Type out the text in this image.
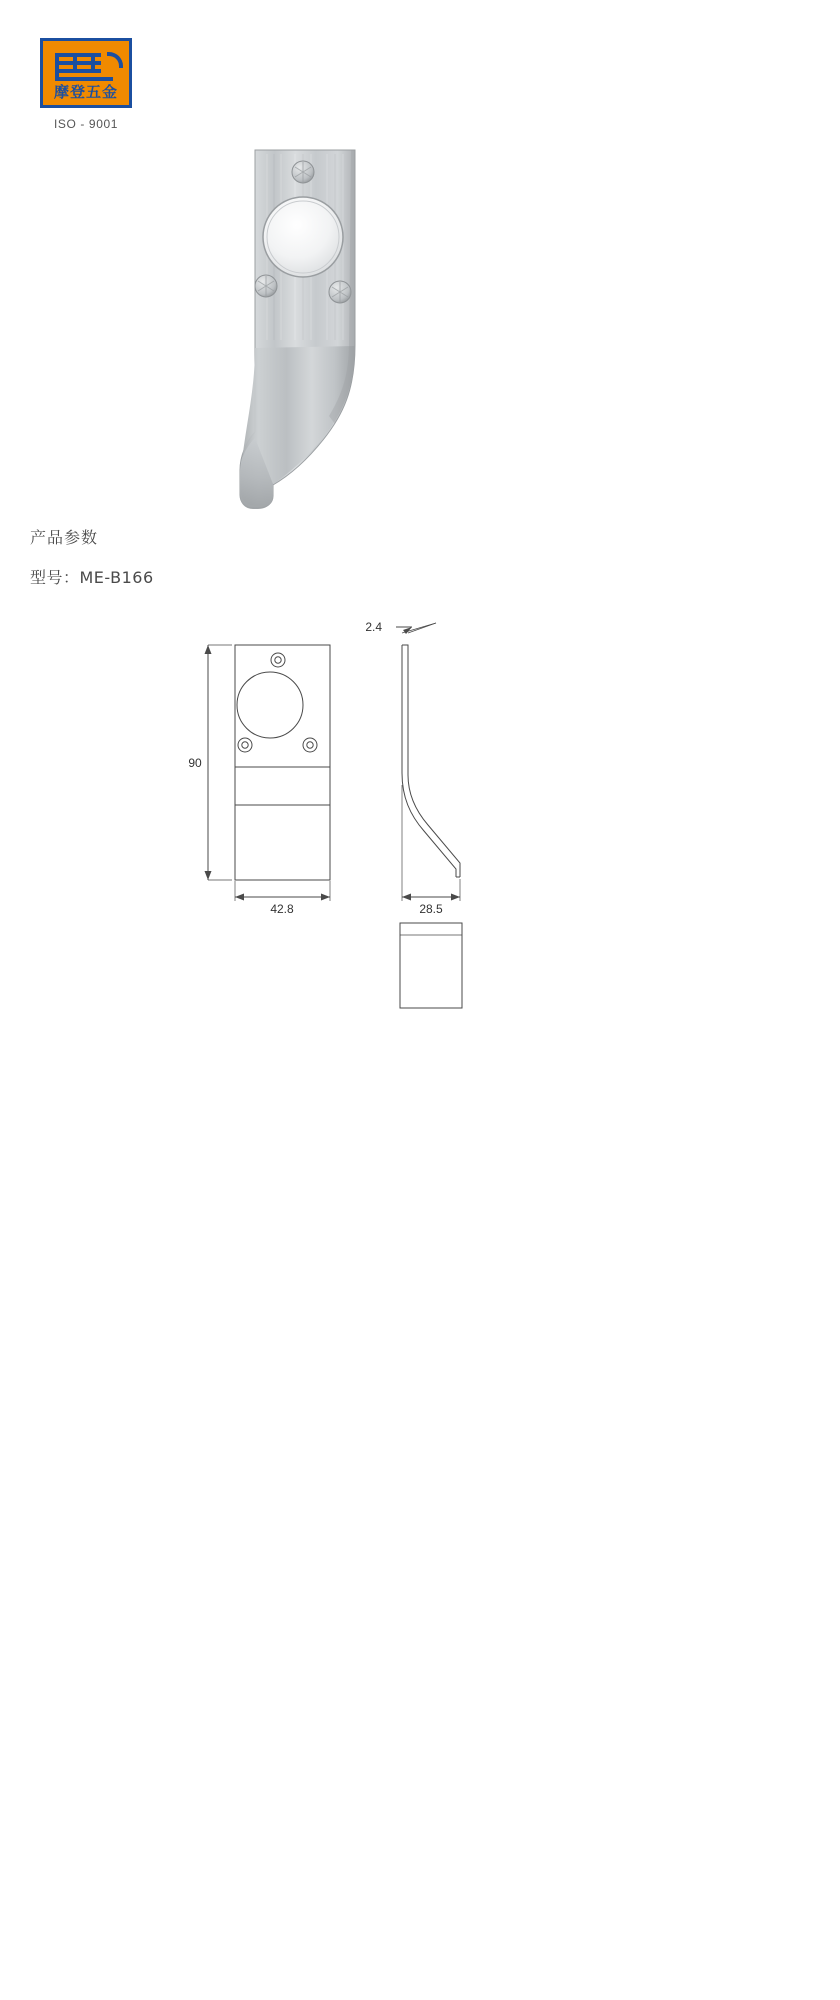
摩登五金
ISO - 9001
产品参数
型号：ME-B166
90
42.8
2.4
28.5
